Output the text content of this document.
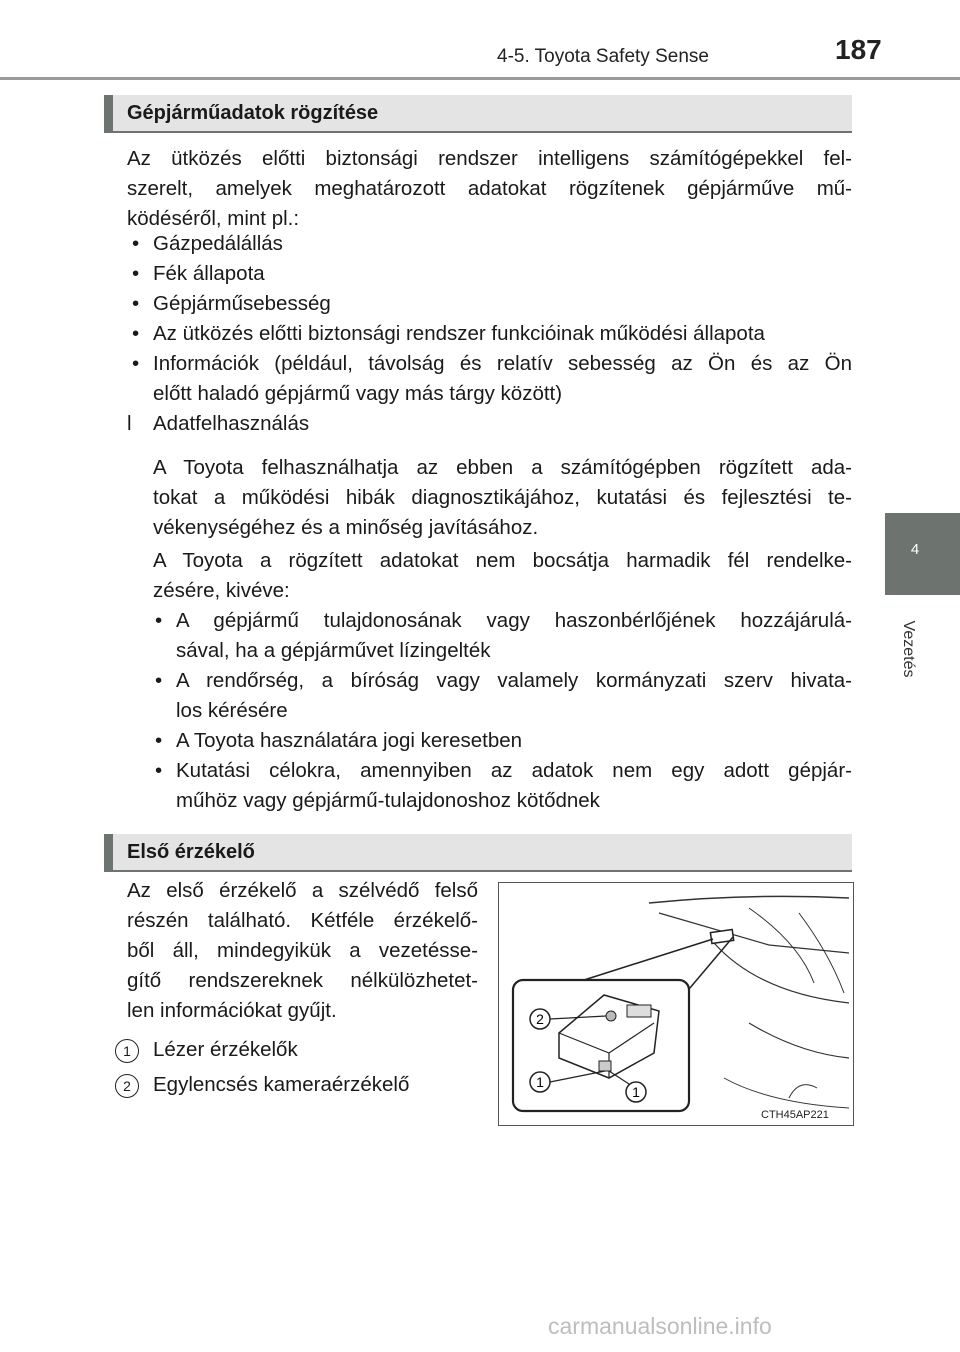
4-5. Toyota Safety Sense	187
4
Vezetés
Gépjárműadatok rögzítése
Az ütközés előtti biztonsági rendszer intelligens számítógépekkel fel-
szerelt, amelyek meghatározott adatokat rögzítenek gépjárműve mű-
ködéséről, mint pl.:
• Gázpedálállás
• Fék állapota
• Gépjárműsebesség
• Az ütközés előtti biztonsági rendszer funkcióinak működési állapota
• Információk (például, távolság és relatív sebesség az Ön és az Ön
előtt haladó gépjármű vagy más tárgy között)
l Adatfelhasználás
A Toyota felhasználhatja az ebben a számítógépben rögzített ada-
tokat a működési hibák diagnosztikájához, kutatási és fejlesztési te-
vékenységéhez és a minőség javításához.
A Toyota a rögzített adatokat nem bocsátja harmadik fél rendelke-
zésére, kivéve:
• A gépjármű tulajdonosának vagy haszonbérlőjének hozzájárulá-
sával, ha a gépjárművet lízingelték
• A rendőrség, a bíróság vagy valamely kormányzati szerv hivata-
los kérésére
• A Toyota használatára jogi keresetben
• Kutatási célokra, amennyiben az adatok nem egy adott gépjár-
műhöz vagy gépjármű-tulajdonoshoz kötődnek
Első érzékelő
Az első érzékelő a szélvédő felső
részén található. Kétféle érzékelő-
ből áll, mindegyikük a vezetésse-
gítő rendszereknek nélkülözhetet-
len információkat gyűjt.
1	Lézer érzékelők
2	Egylencsés kameraérzékelő
2
1
1
CTH45AP221
carmanualsonline.info
